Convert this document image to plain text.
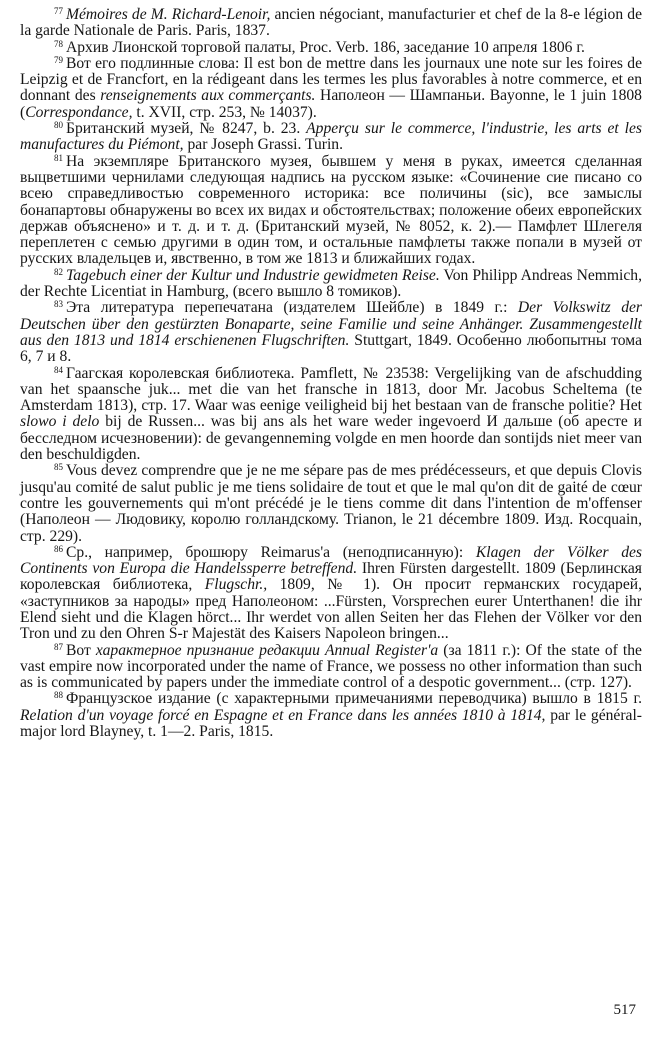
$^{77}$ Mémoires de M. Richard-Lenoir, ancien négociant, manufacturier et chef de la 8-e légion de la garde Nationale de Paris. Paris, 1837.

$^{78}$ Архив Лионской торговой палаты, Proc. Verb. 186, заседание 10 апреля 1806 г.

$^{79}$ Вот его подлинные слова: Il est bon de mettre dans les journaux une note sur les foires de Leipzig et de Francfort, en la rédigeant dans les termes les plus favorables à notre commerce, et en donnant des renseignements aux commerçants. Наполеон — Шампаньи. Bayonne, le 1 juin 1808 (Correspondance, t. XVII, стр. 253, № 14037).

$^{80}$ Британский музей, № 8247, b. 23. Apperçu sur le commerce, l'industrie, les arts et les manufactures du Piémont, par Joseph Grassi. Turin.

$^{81}$ На экземпляре Британского музея, бывшем у меня в руках, имеется сделанная выцветшими чернилами следующая надпись на русском языке: «Сочинение сие писано со всею справедливостью современного историка: все поличины (sic), все замыслы бонапартовы обнаружены во всех их видах и обстоятельствах; положение обеих европейских держав объяснено» и т. д. и т. д. (Британский музей, № 8052, к. 2).— Памфлет Шлегеля переплетен с семью другими в один том, и остальные памфлеты также попали в музей от русских владельцев и, явственно, в том же 1813 и ближайших годах.

$^{82}$ Tagebuch einer der Kultur und Industrie gewidmeten Reise. Von Philipp Andreas Nemmich, der Rechte Licentiat in Hamburg, (всего вышло 8 томиков).

$^{83}$ Эта литература перепечатана (издателем Шейбле) в 1849 г.: Der Volkswitz der Deutschen über den gestürzten Bonaparte, seine Familie und seine Anhänger. Zusammengestellt aus den 1813 und 1814 erschienenen Flugschriften. Stuttgart, 1849. Особенно любопытны тома 6, 7 и 8.

$^{84}$ Гаагская королевская библиотека. Pamflett, № 23538: Vergelijking van de afschudding van het spaansche juk... met die van het fransche in 1813, door Mr. Jacobus Scheltema (te Amsterdam 1813), стр. 17. Waar was eenige veiligheid bij het bestaan van de fransche politie? Het slowo i delo bij de Russen... was bij ans als het ware weder ingevoerd И дальше (об аресте и бесследном исчезновении): de gevangenneming volgde en men hoorde dan sontijds niet meer van den beschuldigden.

$^{85}$ Vous devez comprendre que je ne me sépare pas de mes prédécesseurs, et que depuis Clovis jusqu'au comité de salut public je me tiens solidaire de tout et que le mal qu'on dit de gaité de cœur contre les gouvernements qui m'ont précédé je le tiens comme dit dans l'intention de m'offenser (Наполеон — Людовику, королю голландскому. Trianon, le 21 décembre 1809. Изд. Rocquain, стр. 229).

$^{86}$ Ср., например, брошюру Reimarus'а (неподписанную): Klagen der Völker des Continents von Europa die Handelssperre betreffend. Ihren Fürsten dargestellt. 1809 (Берлинская королевская библиотека, Flugschr., 1809, № 1). Он просит германских государей, «заступников за народы» пред Наполеоном: ...Fürsten, Vorsprechen eurer Unterthanen! die ihr Elend sieht und die Klagen hörct... Ihr werdet von allen Seiten her das Flehen der Völker vor den Tron und zu den Ohren S-r Majestät des Kaisers Napoleon bringen...

$^{87}$ Вот характерное признание редакции Annual Register'а (за 1811 г.): Of the state of the vast empire now incorporated under the name of France, we possess no other information than such as is communicated by papers under the immediate control of a despotic government... (стр. 127).

$^{88}$ Французское издание (с характерными примечаниями переводчика) вышло в 1815 г. Relation d'un voyage forcé en Espagne et en France dans les années 1810 à 1814, par le général-major lord Blayney, t. 1—2. Paris, 1815.

517
